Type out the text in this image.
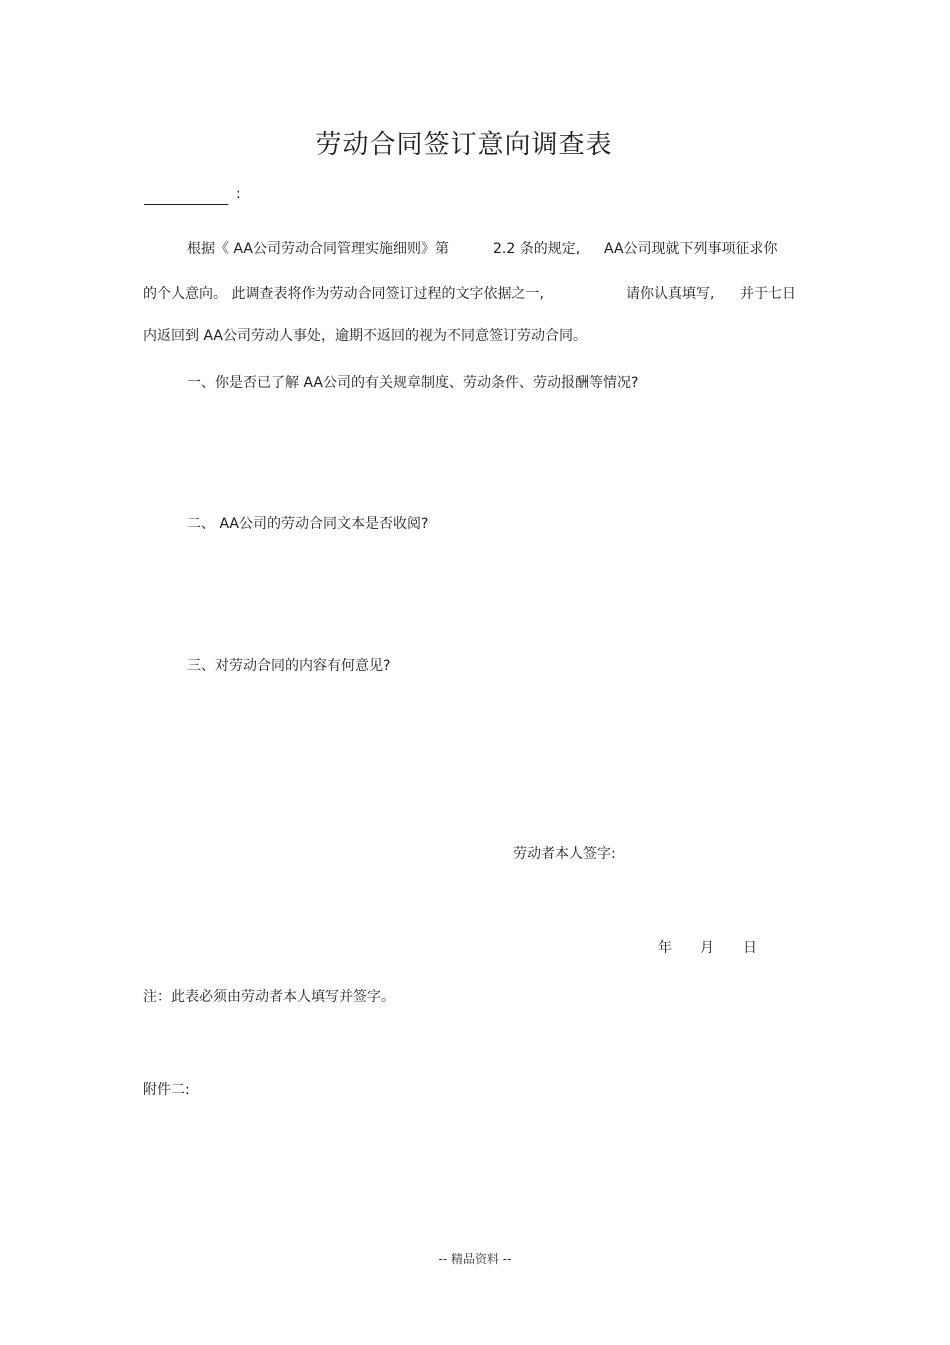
劳动合同签订意向调查表
:
根据《 AA公司劳动合同管理实施细则》第	2.2 条的规定, AA公司现就下列事项征求你
的个人意向。 此调查表将作为劳动合同签订过程的文字依据之一,	请你认真填写, 并于七日
内返回到 AA公司劳动人事处，逾期不返回的视为不同意签订劳动合同。
一、你是否已了解 AA公司的有关规章制度、劳动条件、劳动报酬等情况?
二、 AA公司的劳动合同文本是否收阅?
三、对劳动合同的内容有何意见?
劳动者本人签字:
年 月 日
注：此表必须由劳动者本人填写并签字。
附件二:
-- 精品资料 --
